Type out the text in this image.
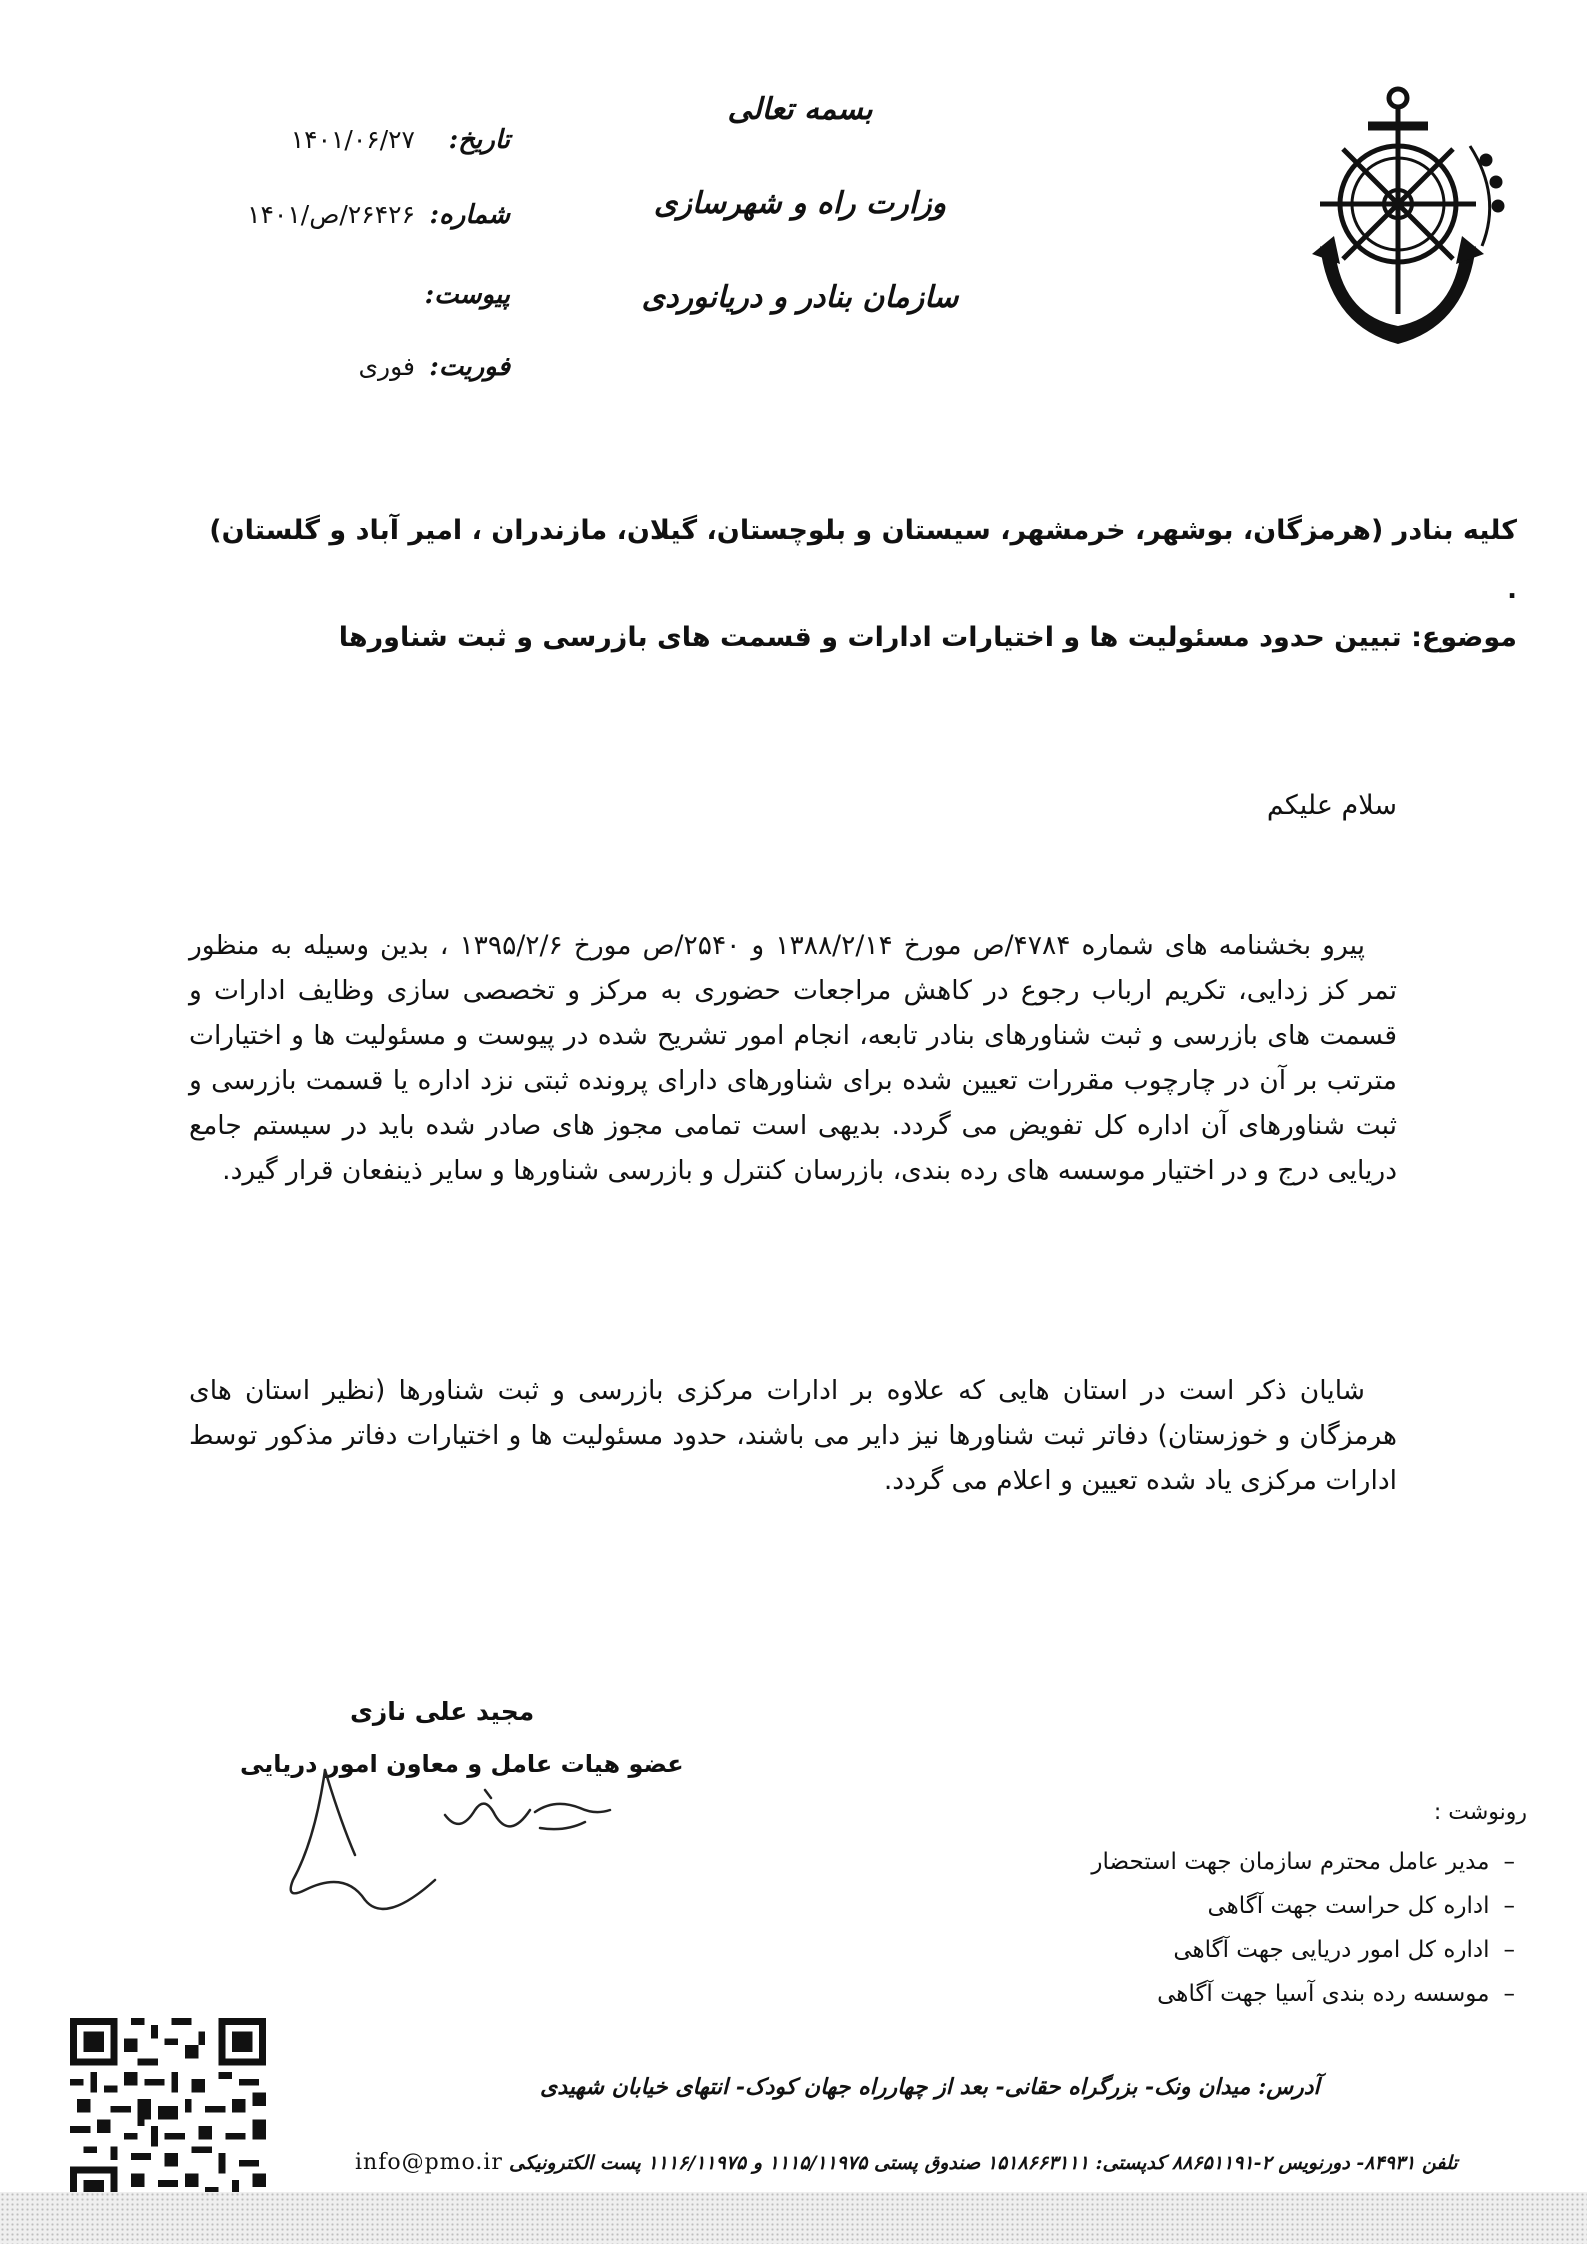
بسمه تعالی
وزارت راه و شهرسازی
سازمان بنادر و دریانوردی
تاریخ:
۱۴۰۱/۰۶/۲۷
شماره:
۲۶۴۲۶/ص/۱۴۰۱
پیوست:
فوریت:
فوری
کلیه بنادر (هرمزگان، بوشهر، خرمشهر، سیستان و بلوچستان، گیلان، مازندران ، امیر آباد و گلستان)
.
موضوع: تبیین حدود مسئولیت ها و اختیارات ادارات و قسمت های بازرسی و ثبت شناورها
سلام علیکم
پیرو بخشنامه های شماره ۴۷۸۴/ص مورخ ۱۳۸۸/۲/۱۴ و ۲۵۴۰/ص مورخ ۱۳۹۵/۲/۶ ، بدین وسیله به منظور تمر کز زدایی، تکریم ارباب رجوع در کاهش مراجعات حضوری به مرکز و تخصصی سازی وظایف ادارات و قسمت های بازرسی و ثبت شناورهای بنادر تابعه، انجام امور تشریح شده در پیوست و مسئولیت ها و اختیارات مترتب بر آن در چارچوب مقررات تعیین شده برای شناورهای دارای پرونده ثبتی نزد اداره یا قسمت بازرسی و ثبت شناورهای آن اداره کل تفویض می گردد. بدیهی است تمامی مجوز های صادر شده باید در سیستم جامع دریایی درج و در اختیار موسسه های رده بندی، بازرسان کنترل و بازرسی شناورها و سایر ذینفعان قرار گیرد.
شایان ذکر است در استان هایی که علاوه بر ادارات مرکزی بازرسی و ثبت شناورها (نظیر استان های هرمزگان و خوزستان) دفاتر ثبت شناورها نیز دایر می باشند، حدود مسئولیت ها و اختیارات دفاتر مذکور توسط ادارات مرکزی یاد شده تعیین و اعلام می گردد.
مجید علی نازی
عضو هیات عامل و معاون امور دریایی
رونوشت :
–مدیر عامل محترم سازمان جهت استحضار
–اداره کل حراست جهت آگاهی
–اداره کل امور دریایی جهت آگاهی
–موسسه رده بندی آسیا جهت آگاهی
آدرس: میدان ونک- بزرگراه حقانی- بعد از چهارراه جهان کودک- انتهای خیابان شهیدی
تلفن ۸۴۹۳۱- دورنویس ۲-۸۸۶۵۱۱۹۱ کدپستی: ۱۵۱۸۶۶۳۱۱۱ صندوق پستی ۱۱۱۵/۱۱۹۷۵ و ۱۱۱۶/۱۱۹۷۵ پست الکترونیکی info@pmo.ir
